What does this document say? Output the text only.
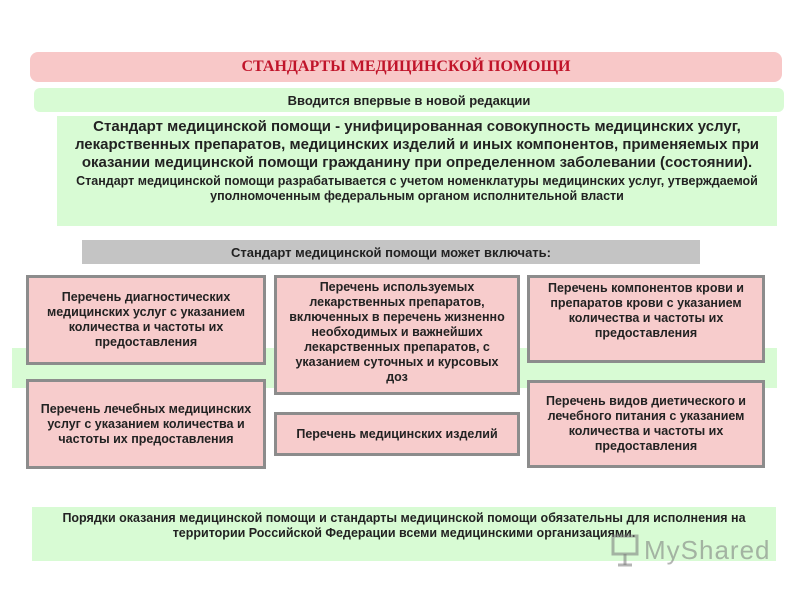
СТАНДАРТЫ МЕДИЦИНСКОЙ ПОМОЩИ
Вводится впервые в новой редакции
Стандарт медицинской помощи - унифицированная совокупность медицинских услуг, лекарственных препаратов, медицинских изделий и иных компонентов, применяемых при оказании медицинской помощи гражданину при определенном заболевании (состоянии).
Стандарт медицинской помощи разрабатывается с учетом номенклатуры медицинских услуг, утверждаемой уполномоченным федеральным органом исполнительной власти
Стандарт медицинской помощи может включать:
Перечень диагностических медицинских услуг с указанием количества и частоты их предоставления
Перечень используемых лекарственных препаратов, включенных в перечень жизненно необходимых и важнейших лекарственных препаратов, с указанием суточных и курсовых доз
Перечень компонентов крови и препаратов крови с указанием количества и частоты их предоставления
Перечень лечебных медицинских услуг с указанием количества и частоты их предоставления	Перечень медицинских изделий
Перечень видов диетического и лечебного питания с указанием количества и частоты их предоставления
Порядки оказания медицинской помощи и стандарты медицинской помощи обязательны для исполнения на территории Российской Федерации всеми медицинскими организациями.
MyShared
